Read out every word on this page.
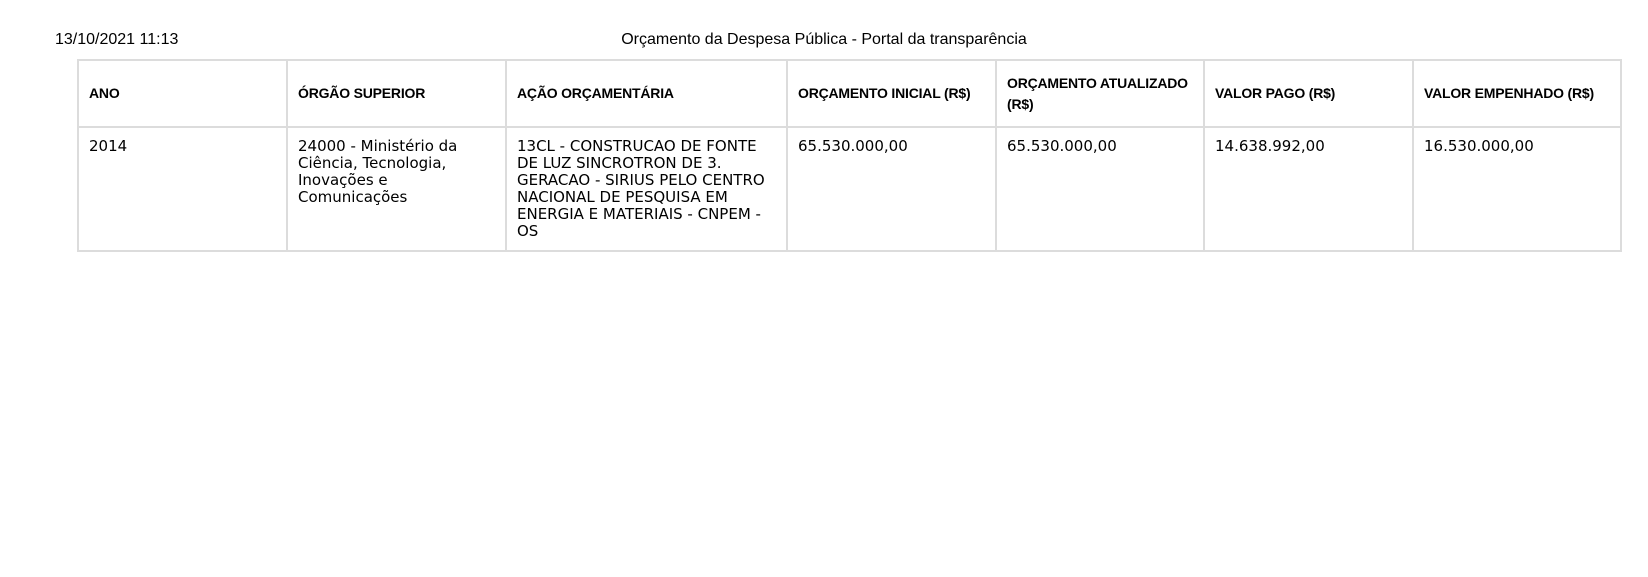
13/10/2021 11:13	Orçamento da Despesa Pública - Portal da transparência
ANO	ÓRGÃO SUPERIOR	AÇÃO ORÇAMENTÁRIA	ORÇAMENTO INICIAL (R$)	ORÇAMENTO ATUALIZADO (R$)	VALOR PAGO (R$)	VALOR EMPENHADO (R$)
2014	24000 - Ministério da Ciência, Tecnologia, Inovações e Comunicações	13CL - CONSTRUCAO DE FONTE DE LUZ SINCROTRON DE 3. GERACAO - SIRIUS PELO CENTRO NACIONAL DE PESQUISA EM ENERGIA E MATERIAIS - CNPEM - OS	65.530.000,00	65.530.000,00	14.638.992,00	16.530.000,00
